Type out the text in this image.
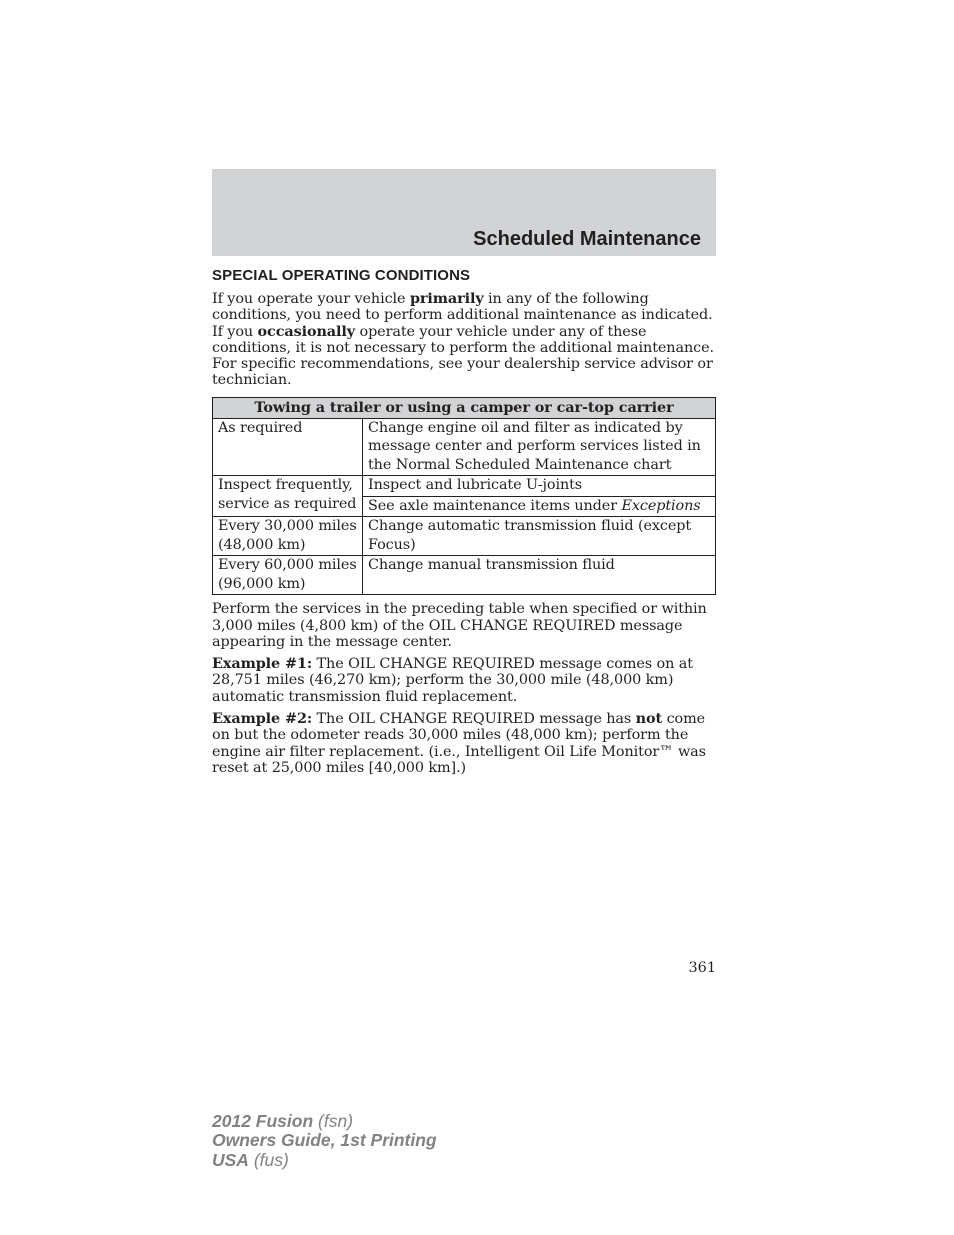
Scheduled Maintenance
SPECIAL OPERATING CONDITIONS

If you operate your vehicle primarily in any of the following conditions, you need to perform additional maintenance as indicated. If you occasionally operate your vehicle under any of these conditions, it is not necessary to perform the additional maintenance. For specific recommendations, see your dealership service advisor or technician.

Towing a trailer or using a camper or car-top carrier	
As required	Change engine oil and filter as indicated by message center and perform services listed in the Normal Scheduled Maintenance chart
Inspect frequently, service as required	Inspect and lubricate U-joints
	See axle maintenance items under Exceptions
Every 30,000 miles (48,000 km)	Change automatic transmission fluid (except Focus)
Every 60,000 miles (96,000 km)	Change manual transmission fluid

Perform the services in the preceding table when specified or within 3,000 miles (4,800 km) of the OIL CHANGE REQUIRED message appearing in the message center.

Example #1: The OIL CHANGE REQUIRED message comes on at 28,751 miles (46,270 km); perform the 30,000 mile (48,000 km) automatic transmission fluid replacement.

Example #2: The OIL CHANGE REQUIRED message has not come on but the odometer reads 30,000 miles (48,000 km); perform the engine air filter replacement. (i.e., Intelligent Oil Life Monitor™ was reset at 25,000 miles [40,000 km].)

361
2012 Fusion (fsn)
Owners Guide, 1st Printing
USA (fus)
